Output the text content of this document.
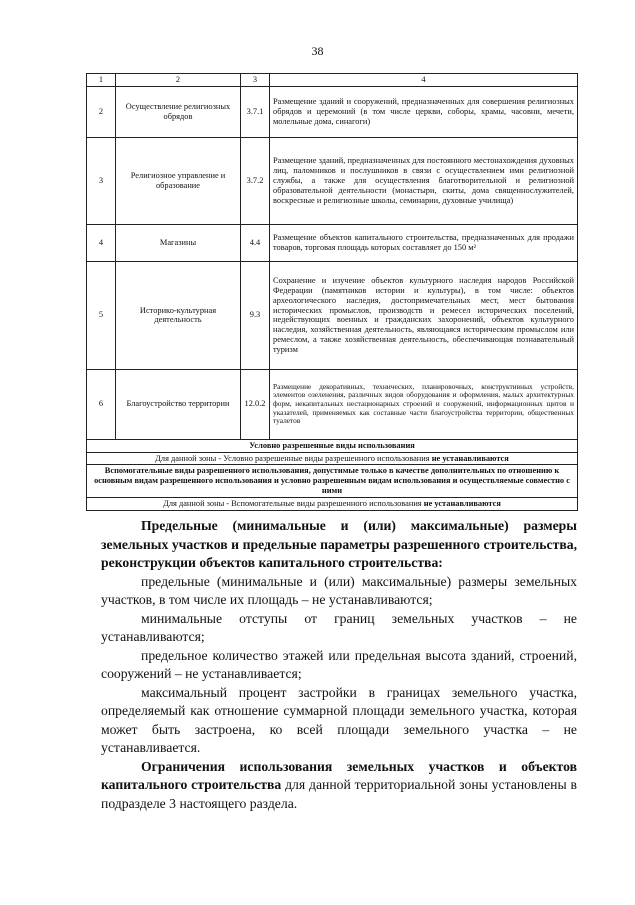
38
1	2	3	4
2	Осуществление религиозных обрядов	3.7.1	Размещение зданий и сооружений, предназначенных для совершения религиозных обрядов и церемоний (в том числе церкви, соборы, храмы, часовни, мечети, молельные дома, синагоги)
3	Религиозное управление и образование	3.7.2	Размещение зданий, предназначенных для постоянного местонахождения духовных лиц, паломников и послушников в связи с осуществлением ими религиозной службы, а также для осуществления благотворительной и религиозной образовательной деятельности (монастыри, скиты, дома священнослужителей, воскресные и религиозные школы, семинарии, духовные училища)
4	Магазины	4.4	Размещение объектов капитального строительства, предназначенных для продажи товаров, торговая площадь которых составляет до 150 м²
5	Историко-культурная деятельность	9.3	Сохранение и изучение объектов культурного наследия народов Российской Федерации (памятников истории и культуры), в том числе: объектов археологического наследия, достопримечательных мест, мест бытования исторических промыслов, производств и ремесел исторических поселений, недействующих военных и гражданских захоронений, объектов культурного наследия, хозяйственная деятельность, являющаяся историческим промыслом или ремеслом, а также хозяйственная деятельность, обеспечивающая познавательный туризм
6	Благоустройство территории	12.0.2	Размещение декоративных, технических, планировочных, конструктивных устройств, элементов озеленения, различных видов оборудования и оформления, малых архитектурных форм, некапитальных нестационарных строений и сооружений, информационных щитов и указателей, применяемых как составные части благоустройства территории, общественных туалетов
Условно разрешенные виды использования			
Для данной зоны - Условно разрешенные виды разрешенного использования не устанавливаются			
Вспомогательные виды разрешенного использования, допустимые только в качестве дополнительных по отношению к основным видам разрешенного использования и условно разрешенным видам использования и осуществляемые совместно с ними			
Для данной зоны - Вспомогательные виды разрешенного использования не устанавливаются			

Предельные (минимальные и (или) максимальные) размеры земельных участков и предельные параметры разрешенного строительства, реконструкции объектов капитального строительства:

предельные (минимальные и (или) максимальные) размеры земельных участков, в том числе их площадь – не устанавливаются;

минимальные отступы от границ земельных участков – не устанавливаются;

предельное количество этажей или предельная высота зданий, строений, сооружений – не устанавливается;

максимальный процент застройки в границах земельного участка, определяемый как отношение суммарной площади земельного участка, которая может быть застроена, ко всей площади земельного участка – не устанавливается.

Ограничения использования земельных участков и объектов капитального строительства для данной территориальной зоны установлены в подразделе 3 настоящего раздела.
